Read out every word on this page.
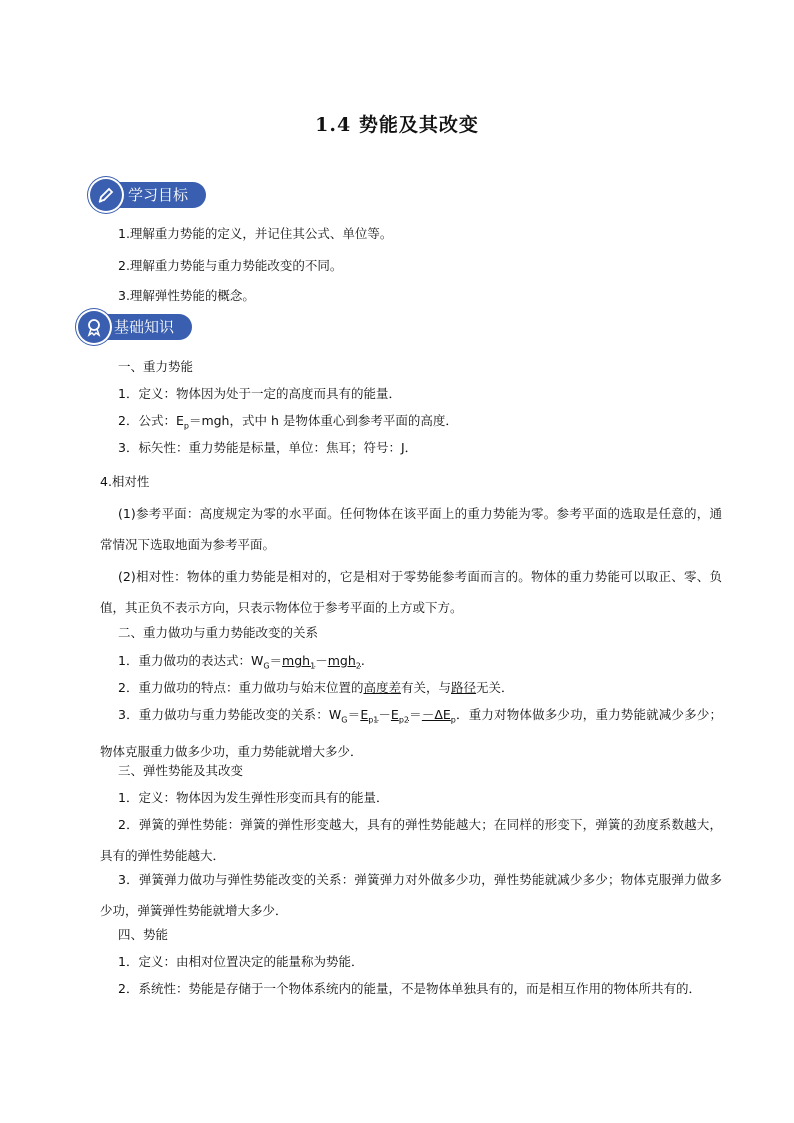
1.4 势能及其改变
学习目标
1.理解重力势能的定义，并记住其公式、单位等。
2.理解重力势能与重力势能改变的不同。
3.理解弹性势能的概念。
基础知识
一、重力势能
1．定义：物体因为处于一定的高度而具有的能量．
2．公式：$E_p=mgh$，式中 h 是物体重心到参考平面的高度．
3．标矢性：重力势能是标量，单位：焦耳；符号：J．
4.相对性
(1)参考平面：高度规定为零的水平面。任何物体在该平面上的重力势能为零。参考平面的选取是任意的，通常情况下选取地面为参考平面。
(2)相对性：物体的重力势能是相对的，它是相对于零势能参考面而言的。物体的重力势能可以取正、零、负值，其正负不表示方向，只表示物体位于参考平面的上方或下方。
二、重力做功与重力势能改变的关系
1．重力做功的表达式：$W_G=mgh_1-mgh_2$.
2．重力做功的特点：重力做功与始末位置的高度差有关，与路径无关．
3．重力做功与重力势能改变的关系：$W_G=E_{p1}-E_{p2}=-\Delta E_p$．重力对物体做多少功，重力势能就减少多少；物体克服重力做多少功，重力势能就增大多少．
三、弹性势能及其改变
1．定义：物体因为发生弹性形变而具有的能量．
2．弹簧的弹性势能：弹簧的弹性形变越大，具有的弹性势能越大；在同样的形变下，弹簧的劲度系数越大，具有的弹性势能越大．
3．弹簧弹力做功与弹性势能改变的关系：弹簧弹力对外做多少功，弹性势能就减少多少；物体克服弹力做多少功，弹簧弹性势能就增大多少．
四、势能
1．定义：由相对位置决定的能量称为势能．
2．系统性：势能是存储于一个物体系统内的能量，不是物体单独具有的，而是相互作用的物体所共有的．
